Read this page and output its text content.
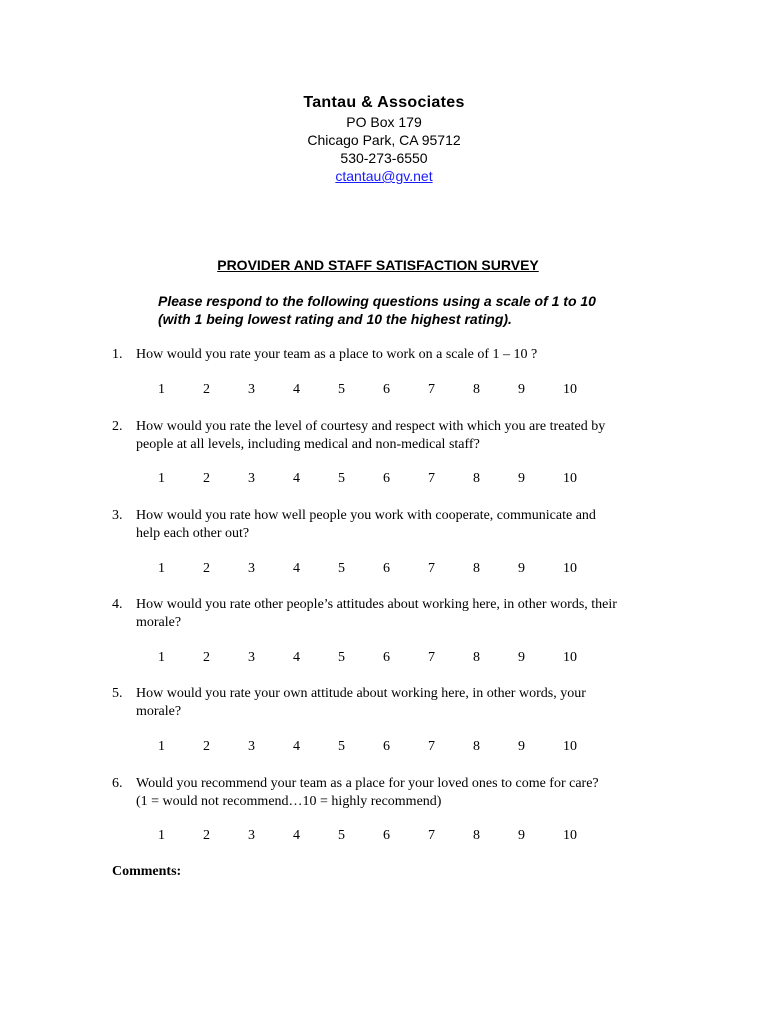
Tantau & Associates
PO Box 179
Chicago Park, CA 95712
530-273-6550
ctantau@gv.net
PROVIDER AND STAFF SATISFACTION SURVEY
Please respond to the following questions using a scale of 1 to 10
(with 1 being lowest rating and 10 the highest rating).
1. How would you rate your team as a place to work on a scale of 1 – 10 ?
1	2	3	4	5	6	7	8	9	10
2. How would you rate the level of courtesy and respect with which you are treated by
people at all levels, including medical and non-medical staff?
1	2	3	4	5	6	7	8	9	10
3. How would you rate how well people you work with cooperate, communicate and
help each other out?
1	2	3	4	5	6	7	8	9	10
4. How would you rate other people’s attitudes about working here, in other words, their
morale?
1	2	3	4	5	6	7	8	9	10
5. How would you rate your own attitude about working here, in other words, your
morale?
1	2	3	4	5	6	7	8	9	10
6. Would you recommend your team as a place for your loved ones to come for care?
(1 = would not recommend…10 = highly recommend)
1	2	3	4	5	6	7	8	9	10
Comments:
